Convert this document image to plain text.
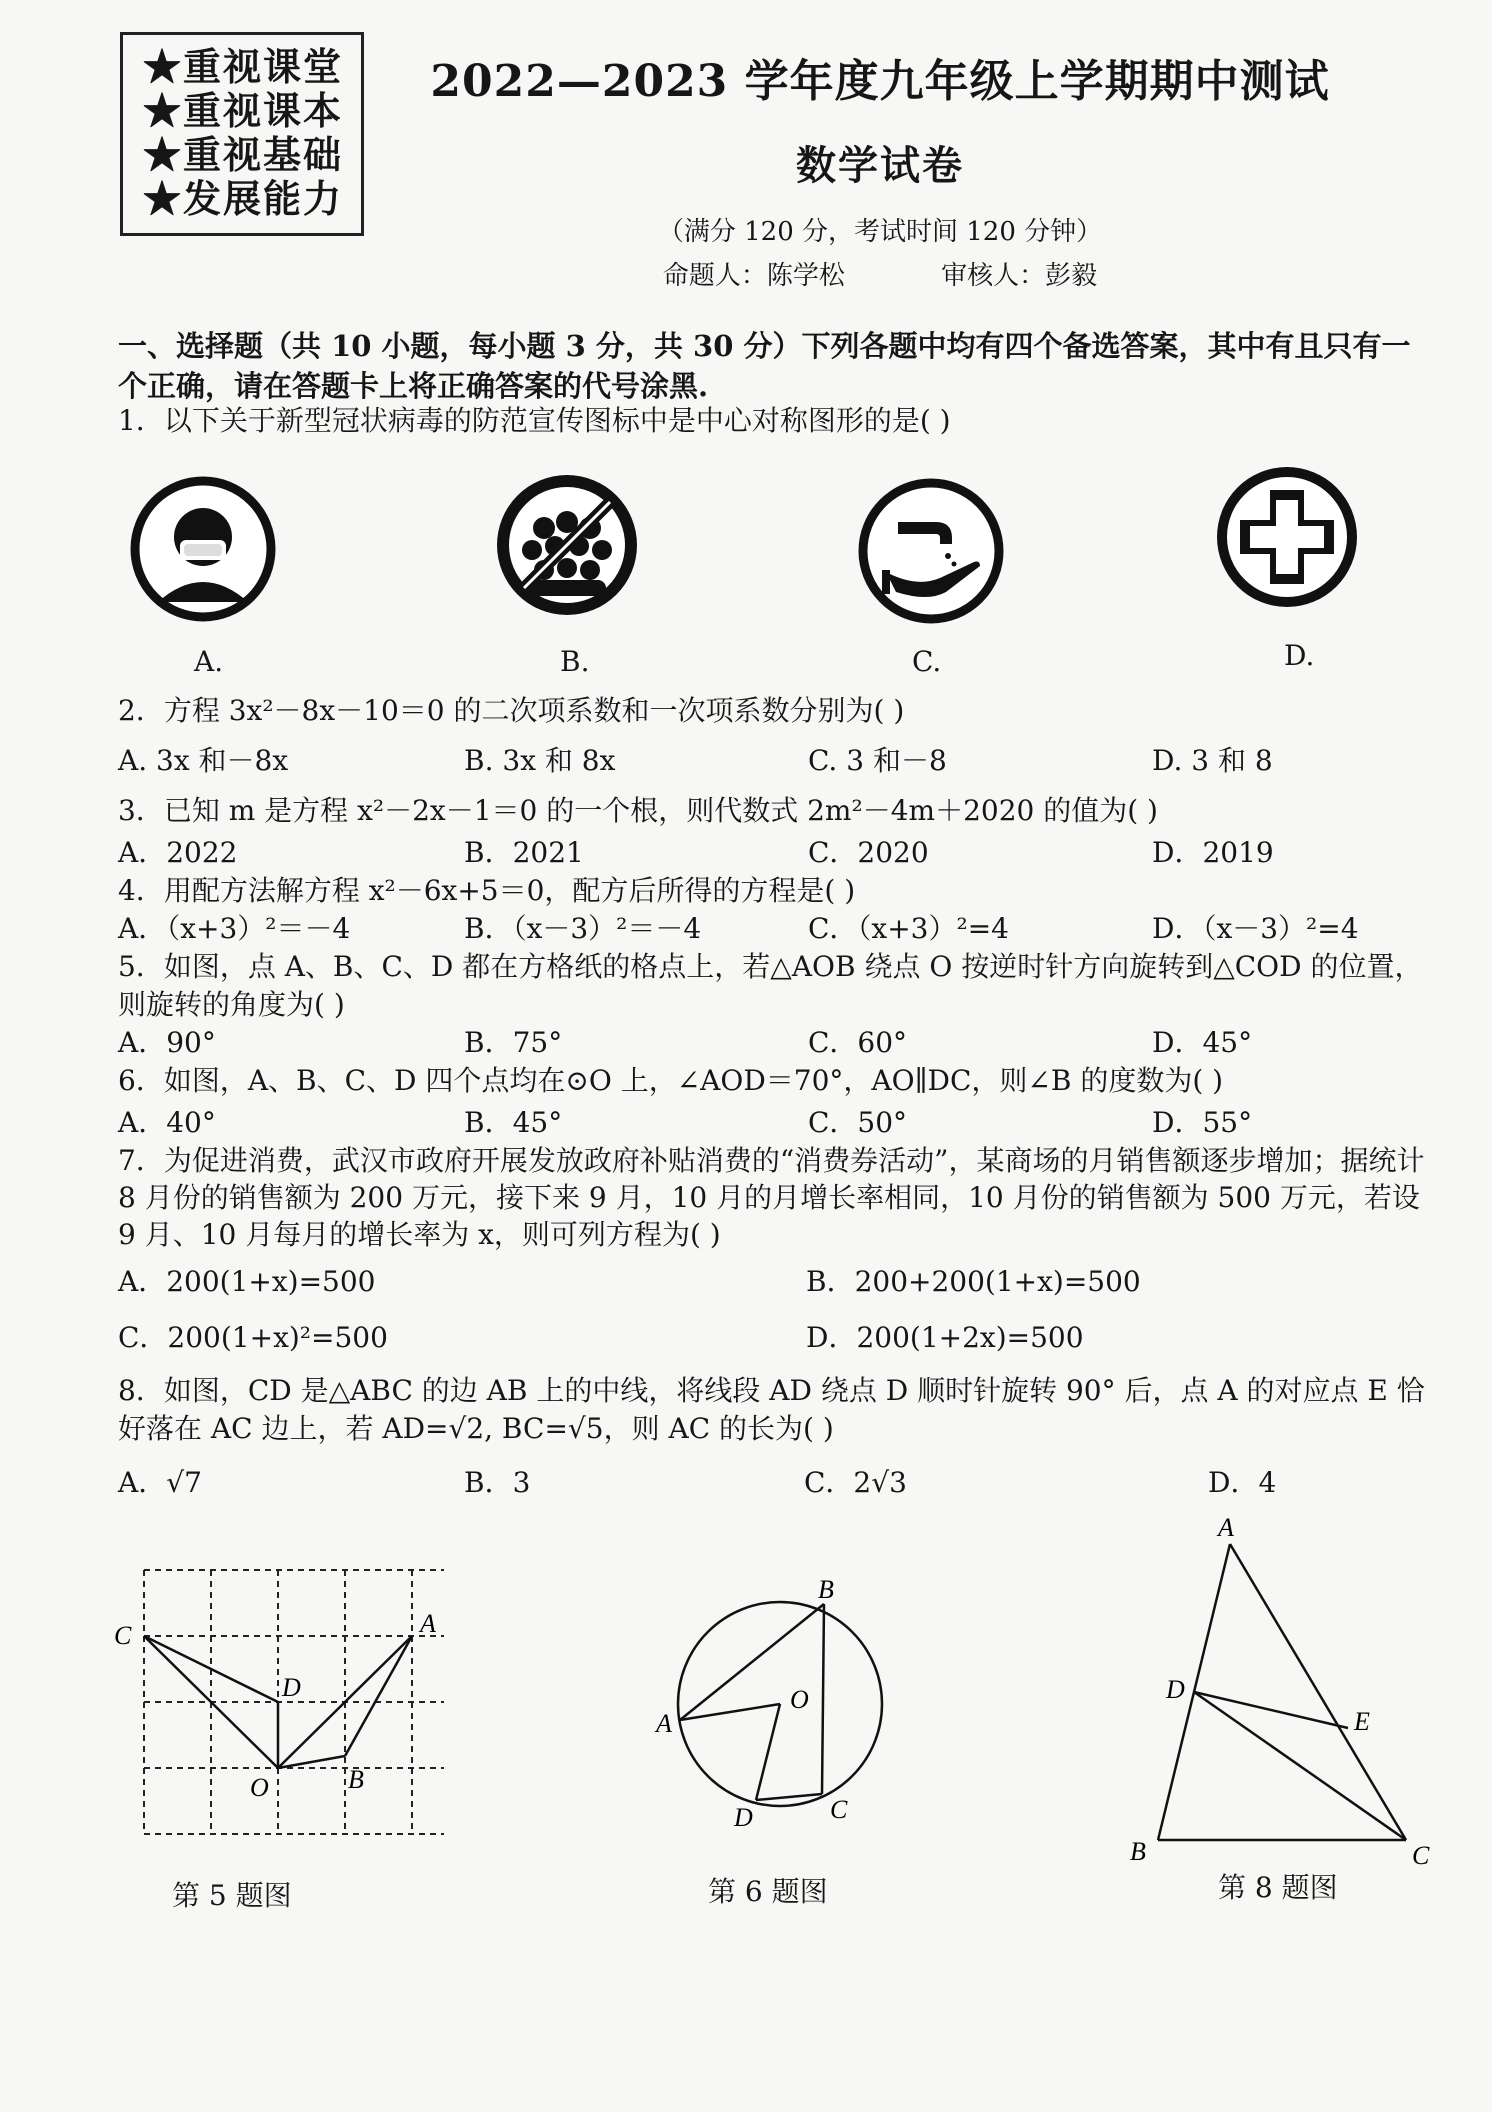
★重视课堂
★重视课本
★重视基础
★发展能力
2022—2023 学年度九年级上学期期中测试
数学试卷
（满分 120 分，考试时间 120 分钟）
命题人：陈学松	审核人：彭毅
一、选择题（共 10 小题，每小题 3 分，共 30 分）下列各题中均有四个备选答案，其中有且只有一个正确，请在答题卡上将正确答案的代号涂黑.
1．以下关于新型冠状病毒的防范宣传图标中是中心对称图形的是( )
A.	B.	C.	D.
2．方程 3x²－8x－10＝0 的二次项系数和一次项系数分别为( )
A. 3x 和－8x	B. 3x 和 8x	C. 3 和－8	D. 3 和 8
3．已知 m 是方程 x²－2x－1＝0 的一个根，则代数式 2m²－4m＋2020 的值为( )
A．2022	B．2021	C．2020	D．2019
4．用配方法解方程 x²－6x+5＝0，配方后所得的方程是( )
A．（x+3）²＝－4	B．（x－3）²＝－4	C．（x+3）²=4	D．（x－3）²=4
5．如图，点 A、B、C、D 都在方格纸的格点上，若△AOB 绕点 O 按逆时针方向旋转到△COD 的位置，则旋转的角度为( )
A．90°	B．75°	C．60°	D．45°
6．如图，A、B、C、D 四个点均在⊙O 上，∠AOD＝70°，AO∥DC，则∠B 的度数为( )
A．40°	B．45°	C．50°	D．55°
7．为促进消费，武汉市政府开展发放政府补贴消费的“消费券活动”，某商场的月销售额逐步增加；据统计 8 月份的销售额为 200 万元，接下来 9 月，10 月的月增长率相同，10 月份的销售额为 500 万元，若设 9 月、10 月每月的增长率为 x，则可列方程为( )
A．200(1+x)=500	B．200+200(1+x)=500
C．200(1+x)²=500	D．200(1+2x)=500
8．如图，CD 是△ABC 的边 AB 上的中线，将线段 AD 绕点 D 顺时针旋转 90° 后，点 A 的对应点 E 恰好落在 AC 边上，若 AD=√2, BC=√5，则 AC 的长为( )
A．√7	B．3	C．2√3	D．4
C
D
A
O	B
第 5 题图
B
O
A
D	C
第 6 题图
A
D
E
B	C
第 8 题图
